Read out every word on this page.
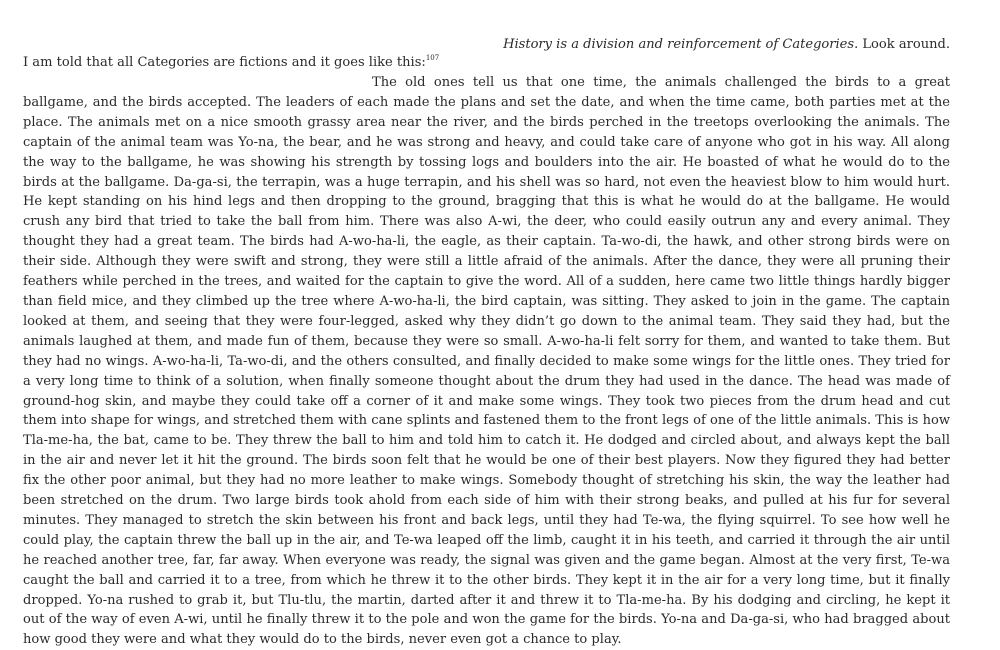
History is a division and reinforcement of Categories. Look around.

I am told that all Categories are fictions and it goes like this:$^{107}$

The old ones tell us that one time, the animals challenged the birds to a great ballgame, and the birds accepted. The leaders of each made the plans and set the date, and when the time came, both parties met at the place. The animals met on a nice smooth grassy area near the river, and the birds perched in the treetops overlooking the animals. The captain of the animal team was Yo-na, the bear, and he was strong and heavy, and could take care of anyone who got in his way. All along the way to the ballgame, he was showing his strength by tossing logs and boulders into the air. He boasted of what he would do to the birds at the ballgame. Da-ga-si, the terrapin, was a huge terrapin, and his shell was so hard, not even the heaviest blow to him would hurt. He kept standing on his hind legs and then dropping to the ground, bragging that this is what he would do at the ballgame. He would crush any bird that tried to take the ball from him. There was also A-wi, the deer, who could easily outrun any and every animal. They thought they had a great team. The birds had A-wo-ha-li, the eagle, as their captain. Ta-wo-di, the hawk, and other strong birds were on their side. Although they were swift and strong, they were still a little afraid of the animals. After the dance, they were all pruning their feathers while perched in the trees, and waited for the captain to give the word. All of a sudden, here came two little things hardly bigger than field mice, and they climbed up the tree where A-wo-ha-li, the bird captain, was sitting. They asked to join in the game. The captain looked at them, and seeing that they were four-legged, asked why they didn’t go down to the animal team. They said they had, but the animals laughed at them, and made fun of them, because they were so small. A-wo-ha-li felt sorry for them, and wanted to take them. But they had no wings. A-wo-ha-li, Ta-wo-di, and the others consulted, and finally decided to make some wings for the little ones. They tried for a very long time to think of a solution, when finally someone thought about the drum they had used in the dance. The head was made of ground-hog skin, and maybe they could take off a corner of it and make some wings. They took two pieces from the drum head and cut them into shape for wings, and stretched them with cane splints and fastened them to the front legs of one of the little animals. This is how Tla-me-ha, the bat, came to be. They threw the ball to him and told him to catch it. He dodged and circled about, and always kept the ball in the air and never let it hit the ground. The birds soon felt that he would be one of their best players. Now they figured they had better fix the other poor animal, but they had no more leather to make wings. Somebody thought of stretching his skin, the way the leather had been stretched on the drum. Two large birds took ahold from each side of him with their strong beaks, and pulled at his fur for several minutes. They managed to stretch the skin between his front and back legs, until they had Te-wa, the flying squirrel. To see how well he could play, the captain threw the ball up in the air, and Te-wa leaped off the limb, caught it in his teeth, and carried it through the air until he reached another tree, far, far away. When everyone was ready, the signal was given and the game began. Almost at the very first, Te-wa caught the ball and carried it to a tree, from which he threw it to the other birds. They kept it in the air for a very long time, but it finally dropped. Yo-na rushed to grab it, but Tlu-tlu, the martin, darted after it and threw it to Tla-me-ha. By his dodging and circling, he kept it out of the way of even A-wi, until he finally threw it to the pole and won the game for the birds. Yo-na and Da-ga-si, who had bragged about how good they were and what they would do to the birds, never even got a chance to play.
